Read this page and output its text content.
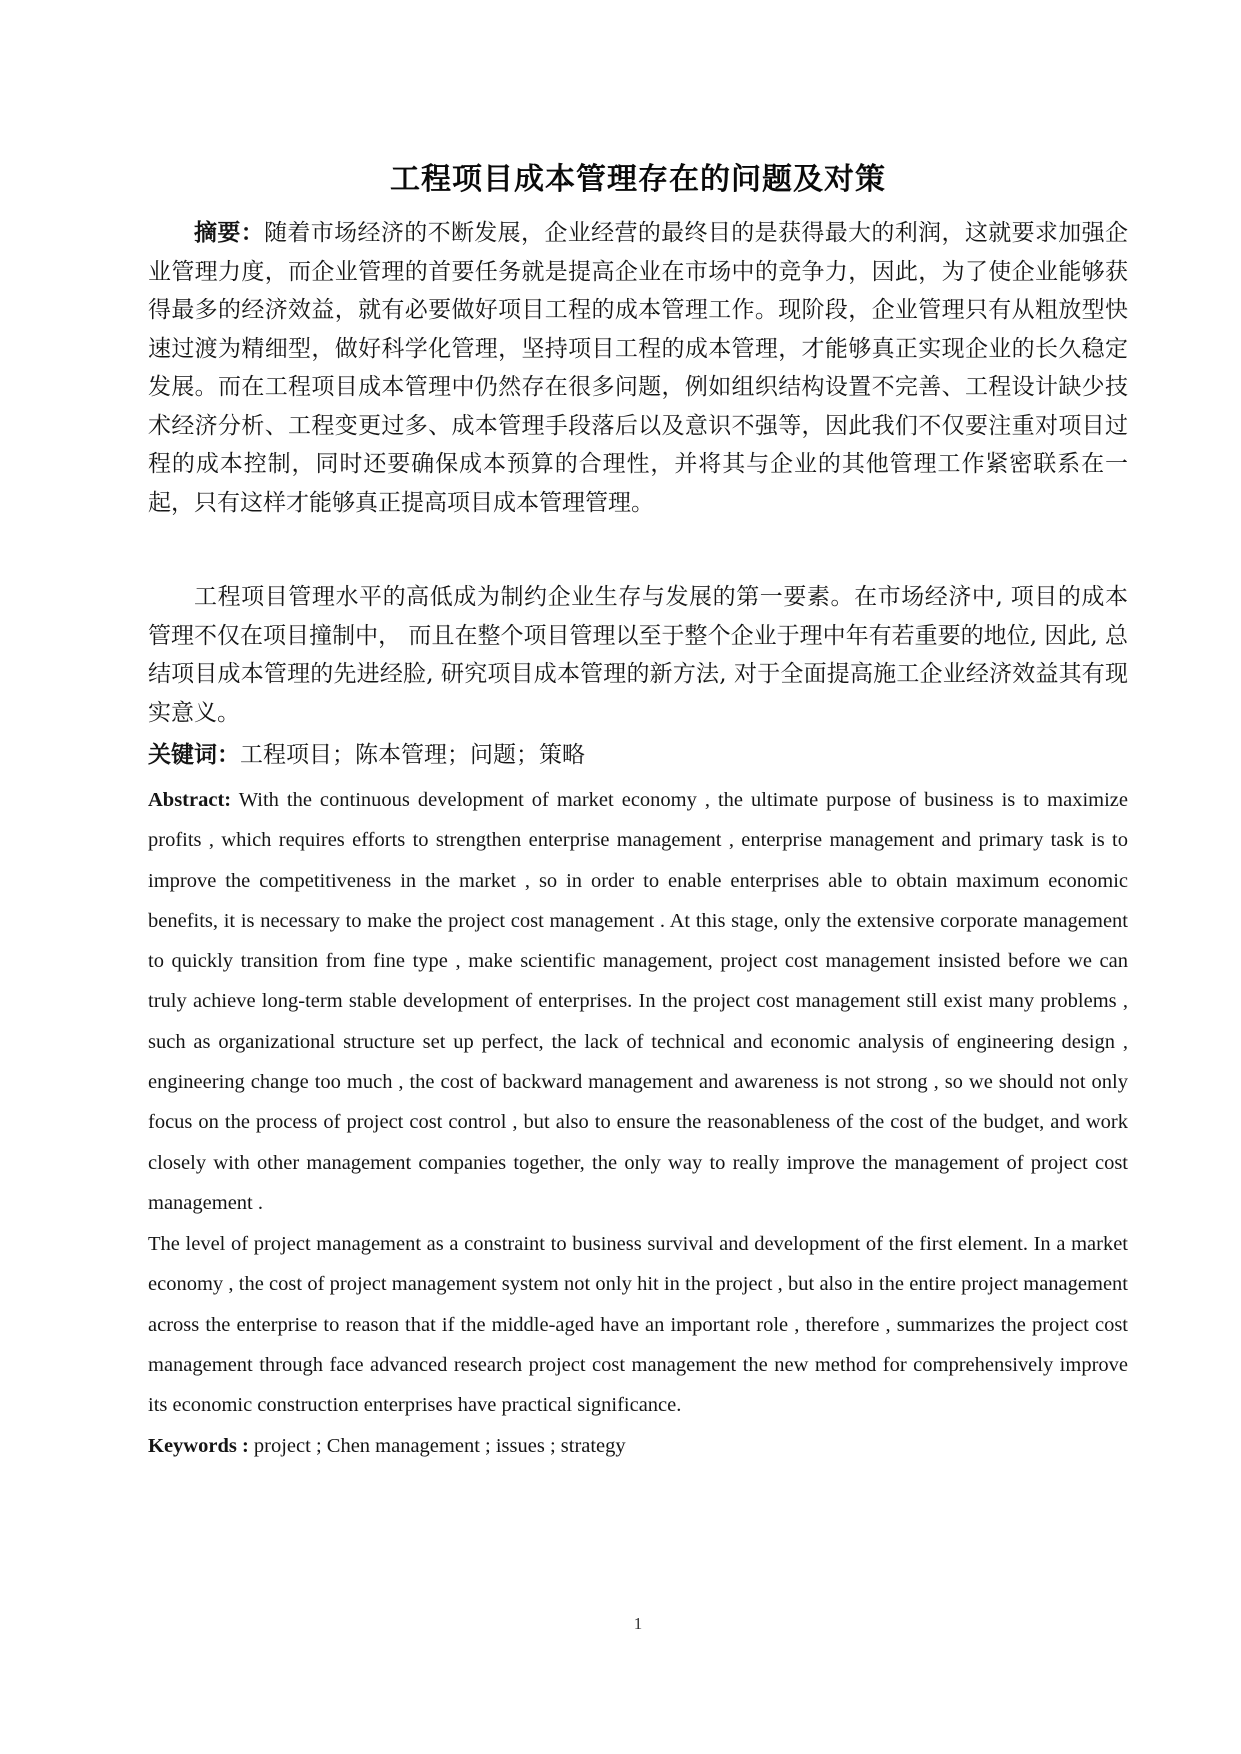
工程项目成本管理存在的问题及对策

摘要：随着市场经济的不断发展，企业经营的最终目的是获得最大的利润，这就要求加强企业管理力度，而企业管理的首要任务就是提高企业在市场中的竞争力，因此，为了使企业能够获得最多的经济效益，就有必要做好项目工程的成本管理工作。现阶段，企业管理只有从粗放型快速过渡为精细型，做好科学化管理，坚持项目工程的成本管理，才能够真正实现企业的长久稳定发展。而在工程项目成本管理中仍然存在很多问题，例如组织结构设置不完善、工程设计缺少技术经济分析、工程变更过多、成本管理手段落后以及意识不强等，因此我们不仅要注重对项目过程的成本控制，同时还要确保成本预算的合理性，并将其与企业的其他管理工作紧密联系在一起，只有这样才能够真正提高项目成本管理管理。

工程项目管理水平的高低成为制约企业生存与发展的第一要素。在市场经济中, 项目的成本管理不仅在项目撞制中， 而且在整个项目管理以至于整个企业于理中年有若重要的地位, 因此, 总结项目成本管理的先进经脸, 研究项目成本管理的新方法, 对于全面提高施工企业经济效益其有现实意义。

关键词：工程项目；陈本管理；问题；策略

Abstract: With the continuous development of market economy , the ultimate purpose of business is to maximize profits , which requires efforts to strengthen enterprise management , enterprise management and primary task is to improve the competitiveness in the market , so in order to enable enterprises able to obtain maximum economic benefits, it is necessary to make the project cost management . At this stage, only the extensive corporate management to quickly transition from fine type , make scientific management, project cost management insisted before we can truly achieve long-term stable development of enterprises. In the project cost management still exist many problems , such as organizational structure set up perfect, the lack of technical and economic analysis of engineering design , engineering change too much , the cost of backward management and awareness is not strong , so we should not only focus on the process of project cost control , but also to ensure the reasonableness of the cost of the budget, and work closely with other management companies together, the only way to really improve the management of project cost management .

The level of project management as a constraint to business survival and development of the first element. In a market economy , the cost of project management system not only hit in the project , but also in the entire project management across the enterprise to reason that if the middle-aged have an important role , therefore , summarizes the project cost management through face advanced research project cost management the new method for comprehensively improve its economic construction enterprises have practical significance.

Keywords : project ; Chen management ; issues ; strategy

1
